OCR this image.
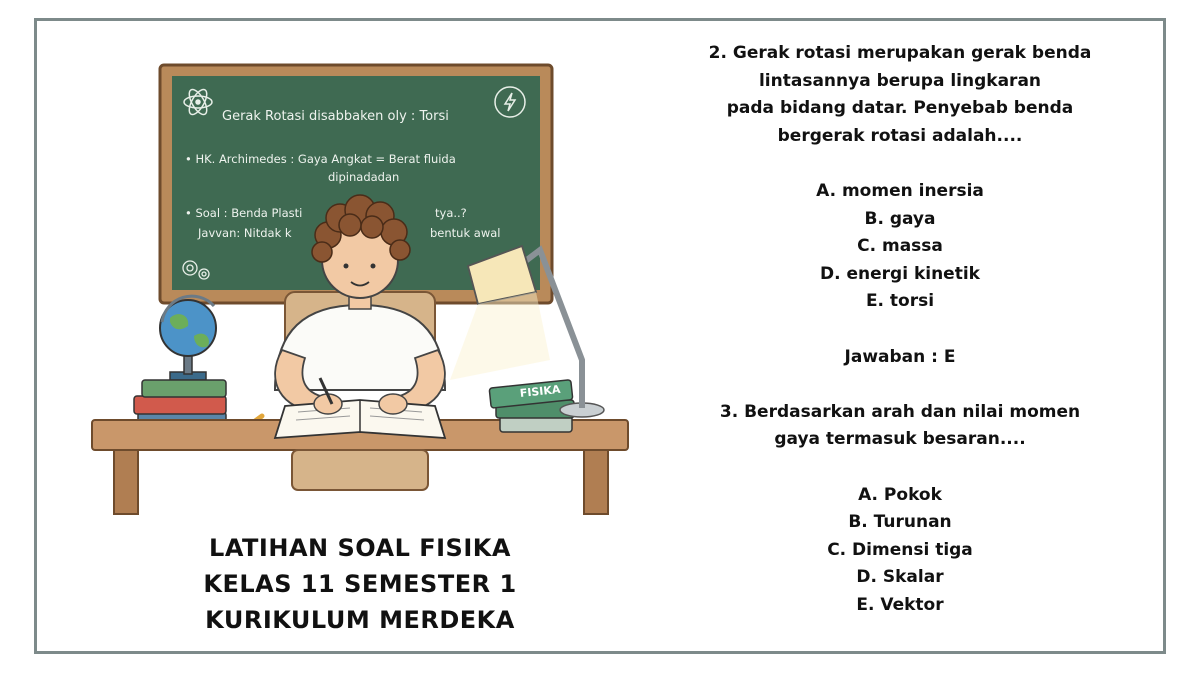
Gerak Rotasi disabbaken oly : Torsi
• HK. Archimedes : Gaya Angkat = Berat fluida
dipinadadan
• Soal : Benda Plasti	tya..?
Javvan: Nitdak k	bentuk awal
FISIKA
LATIHAN SOAL FISIKA
KELAS 11 SEMESTER 1
KURIKULUM MERDEKA

2. Gerak rotasi merupakan gerak benda

lintasannya berupa lingkaran

pada bidang datar. Penyebab benda

bergerak rotasi adalah....

A. momen inersia

B. gaya

C. massa

D. energi kinetik

E. torsi

Jawaban : E

3. Berdasarkan arah dan nilai momen

gaya termasuk besaran....

A. Pokok

B. Turunan

C. Dimensi tiga

D. Skalar

E. Vektor
